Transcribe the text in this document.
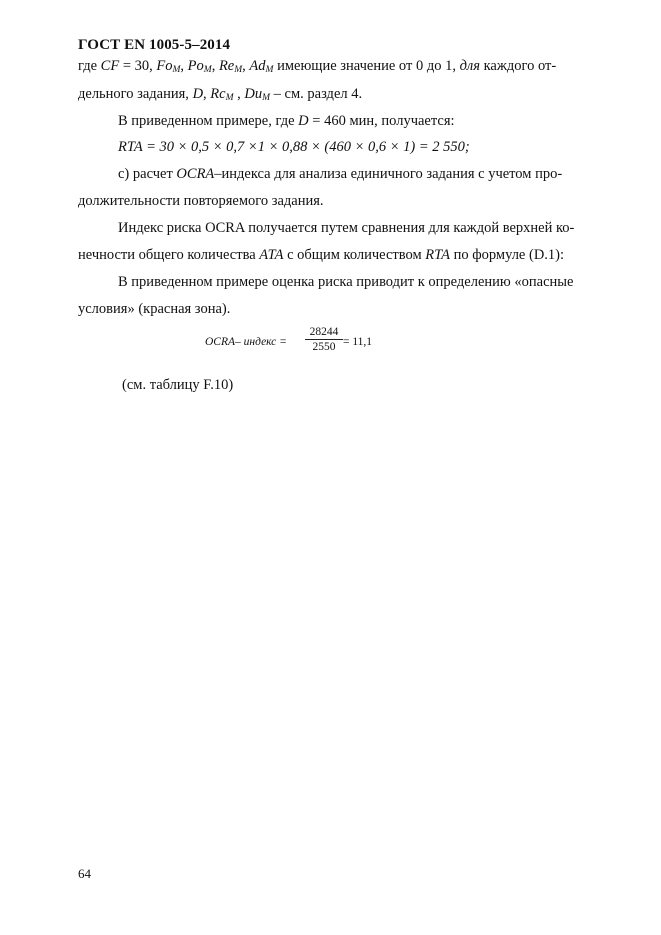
ГОСТ EN 1005-5–2014
где CF = 30, $Fo_M$, $Po_M$, $Re_M$, $Ad_M$ имеющие значение от 0 до 1, для каждого от-
дельного задания, D, $Rc_M$ , $Du_M$ – см. раздел 4.
В приведенном примере, где D = 460 мин, получается:
RTA = 30 × 0,5 × 0,7 ×1 × 0,88 × (460 × 0,6 × 1) = 2 550;
с) расчет OCRA–индекса для анализа единичного задания с учетом про-
должительности повторяемого задания.
Индекс риска OCRA получается путем сравнения для каждой верхней ко-
нечности общего количества ATA с общим количеством RTA по формуле (D.1):
В приведенном примере оценка риска приводит к определению «опасные
условия» (красная зона).
OCRA– индекс = $\frac{28244}{2550} = 11,1$
(см. таблицу F.10)
64
